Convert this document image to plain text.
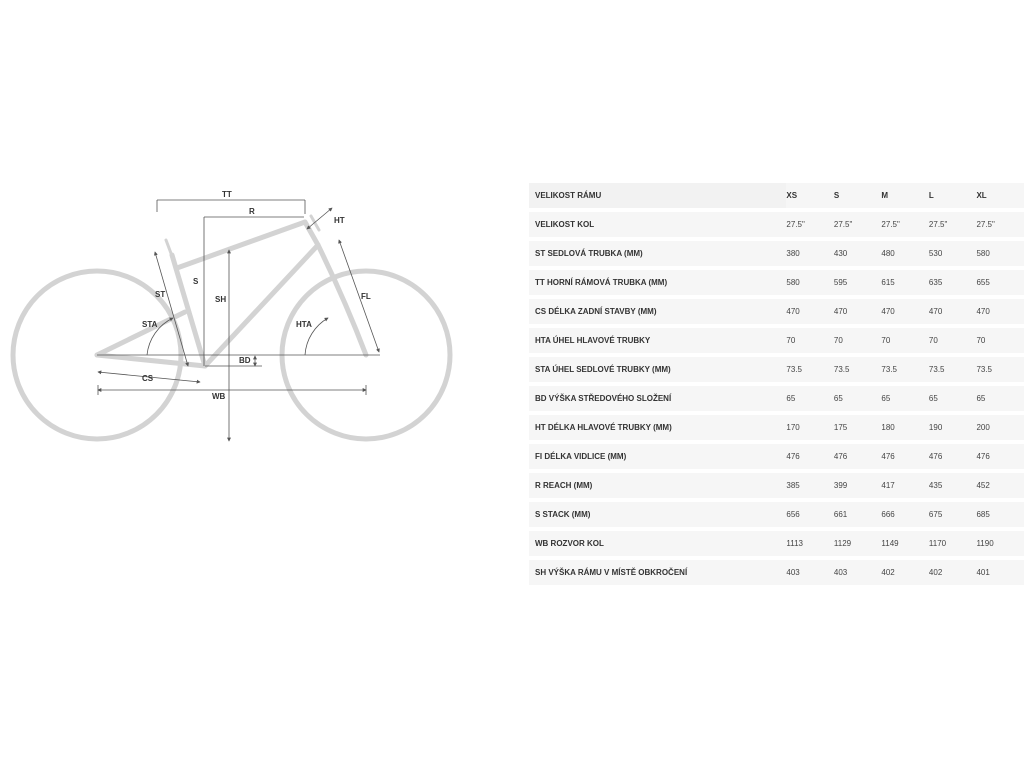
TT
R
HT
ST
S
SH	FL
STA	HTA
BD
CS
WB
VELIKOST RÁMU	XS	S	M	L	XL
VELIKOST KOL	27.5"	27.5"	27.5"	27.5"	27.5"
ST SEDLOVÁ TRUBKA (MM)	380	430	480	530	580
TT HORNÍ RÁMOVÁ TRUBKA (MM)	580	595	615	635	655
CS DÉLKA ZADNÍ STAVBY (MM)	470	470	470	470	470
HTA ÚHEL HLAVOVÉ TRUBKY	70	70	70	70	70
STA ÚHEL SEDLOVÉ TRUBKY (MM)	73.5	73.5	73.5	73.5	73.5
BD VÝŠKA STŘEDOVÉHO SLOŽENÍ	65	65	65	65	65
HT DÉLKA HLAVOVÉ TRUBKY (MM)	170	175	180	190	200
FI DÉLKA VIDLICE (MM)	476	476	476	476	476
R REACH (MM)	385	399	417	435	452
S STACK (MM)	656	661	666	675	685
WB ROZVOR KOL	1113	1129	1149	1170	1190
SH VÝŠKA RÁMU V MÍSTĚ OBKROČENÍ	403	403	402	402	401
